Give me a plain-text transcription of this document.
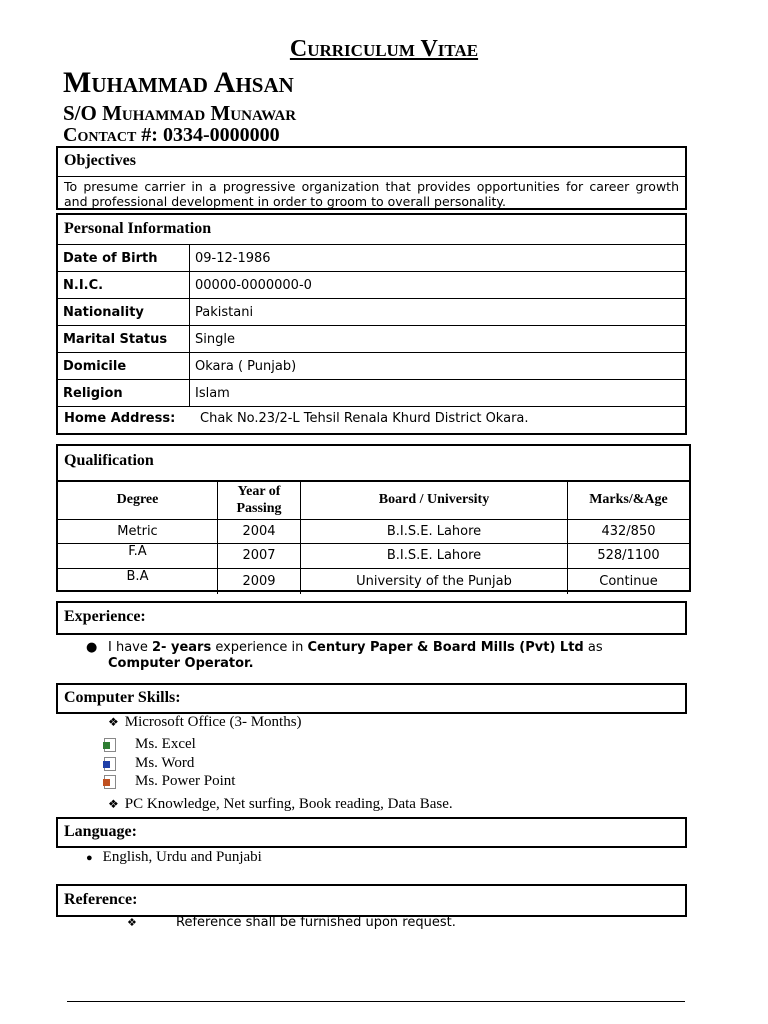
Curriculum Vitae
Muhammad Ahsan
S/O Muhammad Munawar
Contact #: 0334-0000000
Objectives
To presume carrier in a progressive organization that provides opportunities for career growth and professional development in order to groom to overall personality.
Personal Information
Date of Birth	09-12-1986
N.I.C.	00000-0000000-0
Nationality	Pakistani
Marital Status	Single
Domicile	Okara ( Punjab)
Religion	Islam
Home Address: Chak No.23/2-L Tehsil Renala Khurd District Okara.
Qualification
Degree	Year of Passing	Board / University	Marks/&Age
Metric	2004	B.I.S.E. Lahore	432/850
F.A	2007	B.I.S.E. Lahore	528/1100
B.A	2009	University of the Punjab	Continue
Experience:
● I have 2- years experience in Century Paper & Board Mills (Pvt) Ltd as Computer Operator.
Computer Skills:
❖ Microsoft Office (3- Months)
Ms. Excel
Ms. Word
Ms. Power Point
❖ PC Knowledge, Net surfing, Book reading, Data Base.
Language:
● English, Urdu and Punjabi
Reference:
❖	Reference shall be furnished upon request.
